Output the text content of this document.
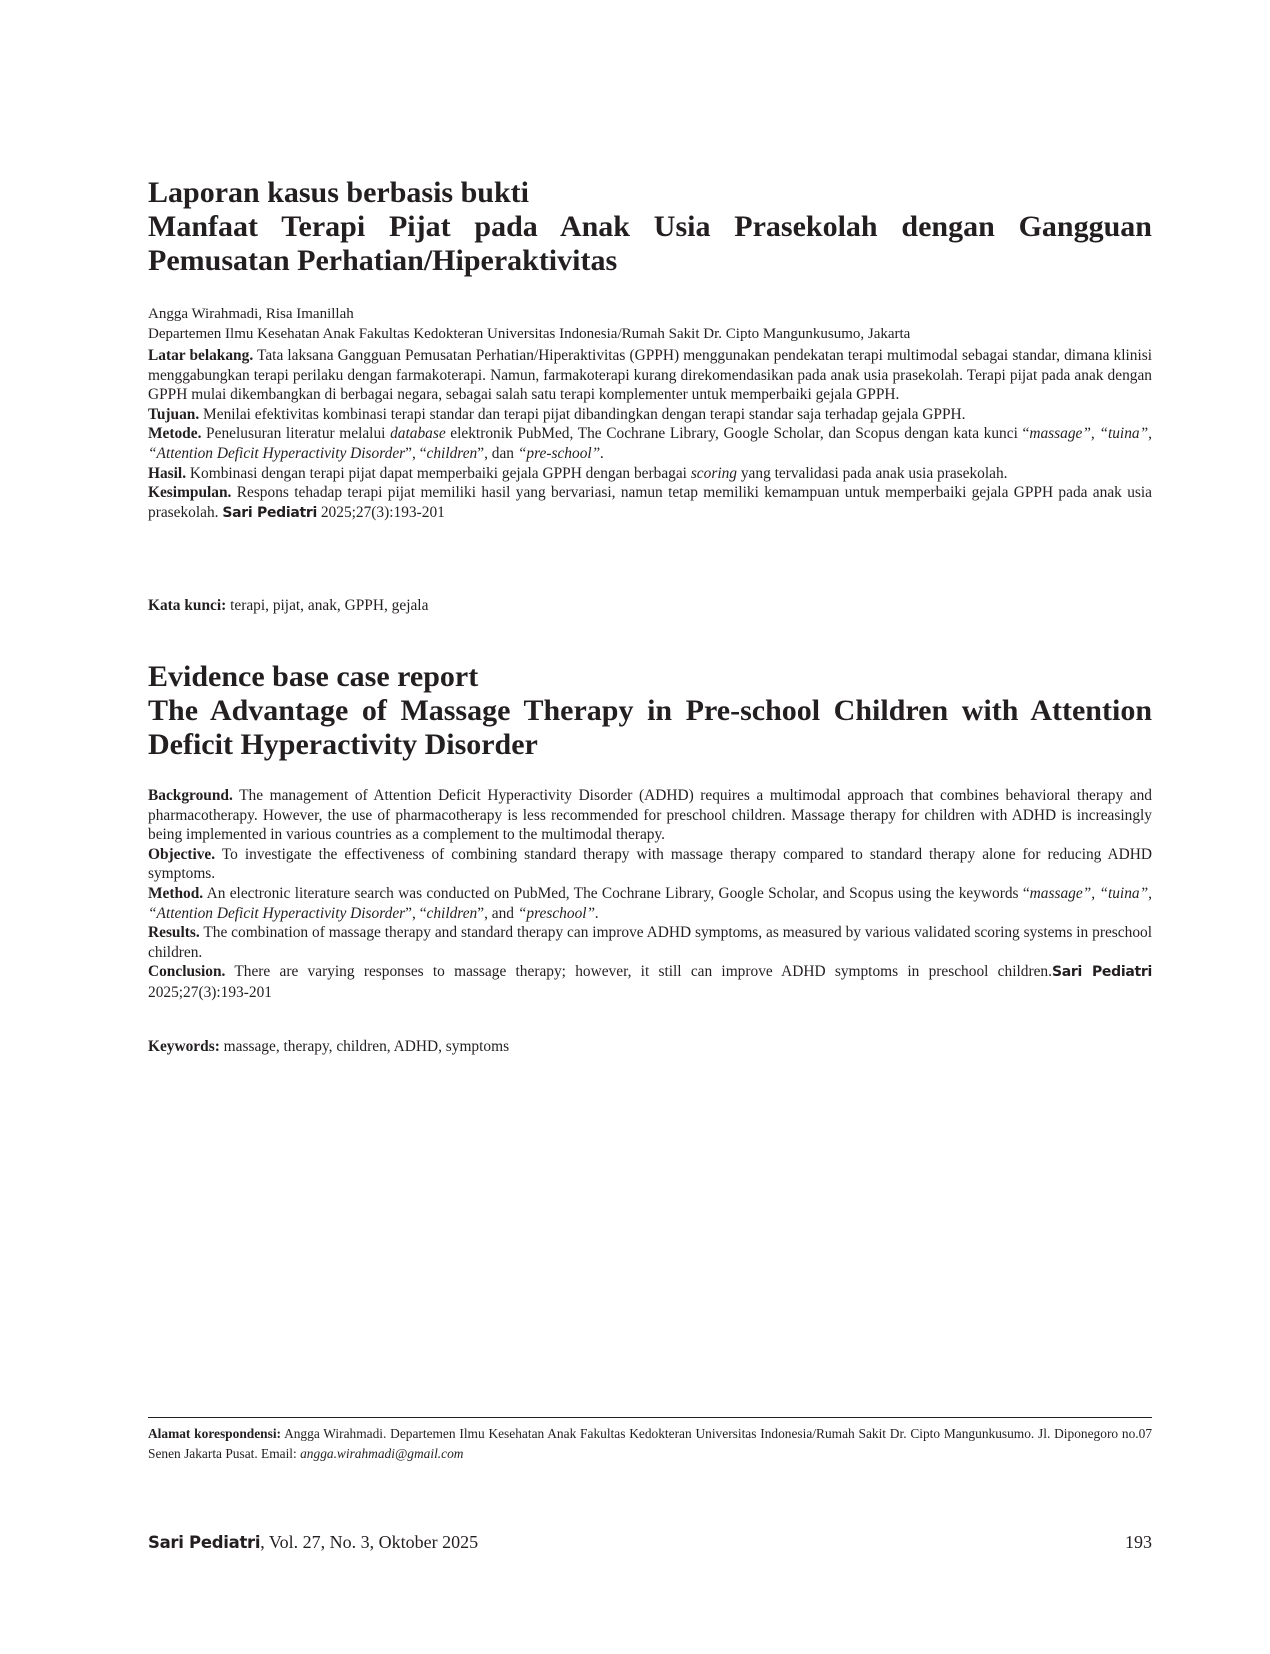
Laporan kasus berbasis bukti
Manfaat Terapi Pijat pada Anak Usia Prasekolah dengan Gangguan Pemusatan Perhatian/Hiperaktivitas
Angga Wirahmadi, Risa Imanillah
Departemen Ilmu Kesehatan Anak Fakultas Kedokteran Universitas Indonesia/Rumah Sakit Dr. Cipto Mangunkusumo, Jakarta

Latar belakang. Tata laksana Gangguan Pemusatan Perhatian/Hiperaktivitas (GPPH) menggunakan pendekatan terapi multimodal sebagai standar, dimana klinisi menggabungkan terapi perilaku dengan farmakoterapi. Namun, farmakoterapi kurang direkomendasikan pada anak usia prasekolah. Terapi pijat pada anak dengan GPPH mulai dikembangkan di berbagai negara, sebagai salah satu terapi komplementer untuk memperbaiki gejala GPPH.

Tujuan. Menilai efektivitas kombinasi terapi standar dan terapi pijat dibandingkan dengan terapi standar saja terhadap gejala GPPH.

Metode. Penelusuran literatur melalui database elektronik PubMed, The Cochrane Library, Google Scholar, dan Scopus dengan kata kunci “massage”, “tuina”, “Attention Deficit Hyperactivity Disorder”, “children”, dan “pre-school”.

Hasil. Kombinasi dengan terapi pijat dapat memperbaiki gejala GPPH dengan berbagai scoring yang tervalidasi pada anak usia prasekolah.

Kesimpulan. Respons tehadap terapi pijat memiliki hasil yang bervariasi, namun tetap memiliki kemampuan untuk memperbaiki gejala GPPH pada anak usia prasekolah. Sari Pediatri 2025;27(3):193-201

Kata kunci: terapi, pijat, anak, GPPH, gejala
Evidence base case report
The Advantage of Massage Therapy in Pre-school Children with Attention Deficit Hyperactivity Disorder

Background. The management of Attention Deficit Hyperactivity Disorder (ADHD) requires a multimodal approach that combines behavioral therapy and pharmacotherapy. However, the use of pharmacotherapy is less recommended for preschool children. Massage therapy for children with ADHD is increasingly being implemented in various countries as a complement to the multimodal therapy.

Objective. To investigate the effectiveness of combining standard therapy with massage therapy compared to standard therapy alone for reducing ADHD symptoms.

Method. An electronic literature search was conducted on PubMed, The Cochrane Library, Google Scholar, and Scopus using the keywords “massage”, “tuina”, “Attention Deficit Hyperactivity Disorder”, “children”, and “preschool”.

Results. The combination of massage therapy and standard therapy can improve ADHD symptoms, as measured by various validated scoring systems in preschool children.

Conclusion. There are varying responses to massage therapy; however, it still can improve ADHD symptoms in preschool children.Sari Pediatri 2025;27(3):193-201

Keywords: massage, therapy, children, ADHD, symptoms
Alamat korespondensi: Angga Wirahmadi. Departemen Ilmu Kesehatan Anak Fakultas Kedokteran Universitas Indonesia/Rumah Sakit Dr. Cipto Mangunkusumo. Jl. Diponegoro no.07 Senen Jakarta Pusat. Email: angga.wirahmadi@gmail.com
Sari Pediatri, Vol. 27, No. 3, Oktober 2025	193
